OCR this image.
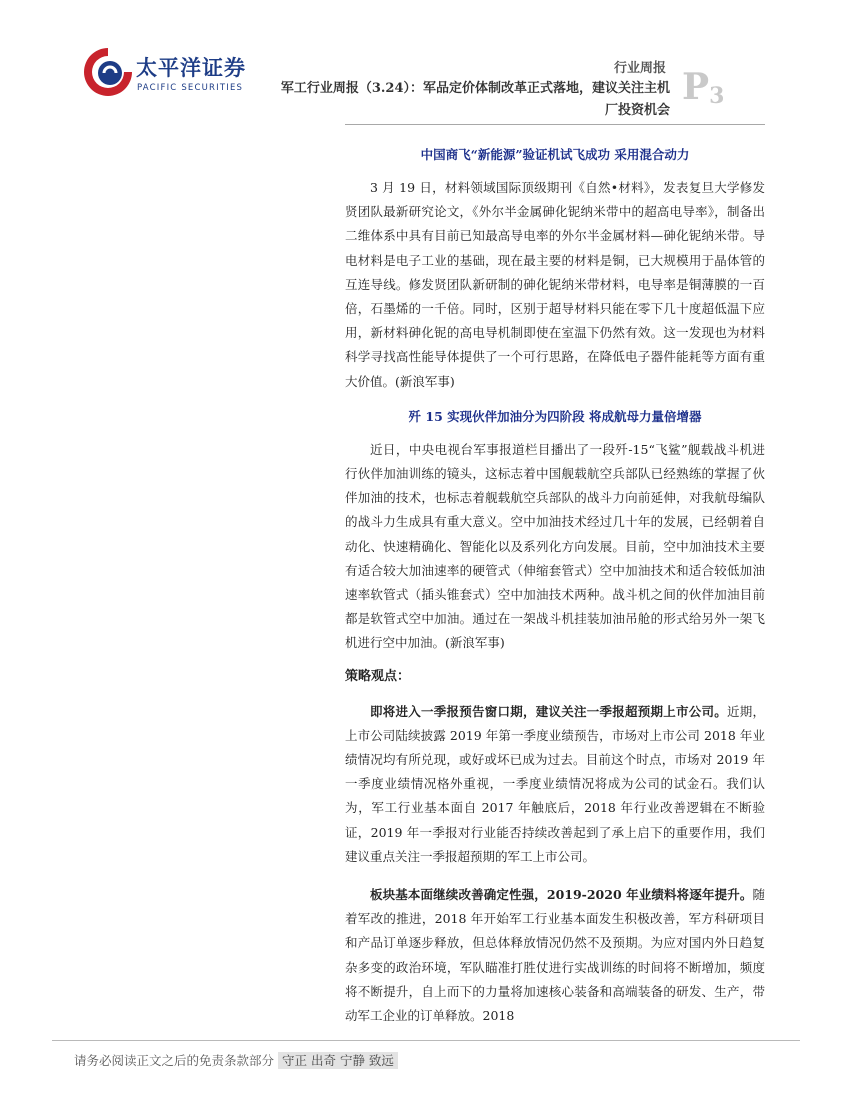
太平洋证券
PACIFIC SECURITIES
行业周报
军工行业周报（3.24）：军品定价体制改革正式落地，建议关注主机厂投资机会
$P_3$
中国商飞“新能源”验证机试飞成功 采用混合动力

3 月 19 日，材料领域国际顶级期刊《自然•材料》，发表复旦大学修发贤团队最新研究论文，《外尔半金属砷化铌纳米带中的超高电导率》，制备出二维体系中具有目前已知最高导电率的外尔半金属材料—砷化铌纳米带。导电材料是电子工业的基础，现在最主要的材料是铜，已大规模用于晶体管的互连导线。修发贤团队新研制的砷化铌纳米带材料，电导率是铜薄膜的一百倍，石墨烯的一千倍。同时，区别于超导材料只能在零下几十度超低温下应用，新材料砷化铌的高电导机制即使在室温下仍然有效。这一发现也为材料科学寻找高性能导体提供了一个可行思路，在降低电子器件能耗等方面有重大价值。(新浪军事)

歼 15 实现伙伴加油分为四阶段 将成航母力量倍增器

近日，中央电视台军事报道栏目播出了一段歼-15“飞鲨”舰载战斗机进行伙伴加油训练的镜头，这标志着中国舰载航空兵部队已经熟练的掌握了伙伴加油的技术，也标志着舰载航空兵部队的战斗力向前延伸，对我航母编队的战斗力生成具有重大意义。空中加油技术经过几十年的发展，已经朝着自动化、快速精确化、智能化以及系列化方向发展。目前，空中加油技术主要有适合较大加油速率的硬管式（伸缩套管式）空中加油技术和适合较低加油速率软管式（插头锥套式）空中加油技术两种。战斗机之间的伙伴加油目前都是软管式空中加油。通过在一架战斗机挂装加油吊舱的形式给另外一架飞机进行空中加油。(新浪军事)

策略观点：

即将进入一季报预告窗口期，建议关注一季报超预期上市公司。近期，上市公司陆续披露 2019 年第一季度业绩预告，市场对上市公司 2018 年业绩情况均有所兑现，或好或坏已成为过去。目前这个时点，市场对 2019 年一季度业绩情况格外重视，一季度业绩情况将成为公司的试金石。我们认为，军工行业基本面自 2017 年触底后，2018 年行业改善逻辑在不断验证，2019 年一季报对行业能否持续改善起到了承上启下的重要作用，我们建议重点关注一季报超预期的军工上市公司。

板块基本面继续改善确定性强，2019-2020 年业绩料将逐年提升。随着军改的推进，2018 年开始军工行业基本面发生积极改善，军方科研项目和产品订单逐步释放，但总体释放情况仍然不及预期。为应对国内外日趋复杂多变的政治环境，军队瞄准打胜仗进行实战训练的时间将不断增加，频度将不断提升，自上而下的力量将加速核心装备和高端装备的研发、生产，带动军工企业的订单释放。2018

请务必阅读正文之后的免责条款部分 守正 出奇 宁静 致远
